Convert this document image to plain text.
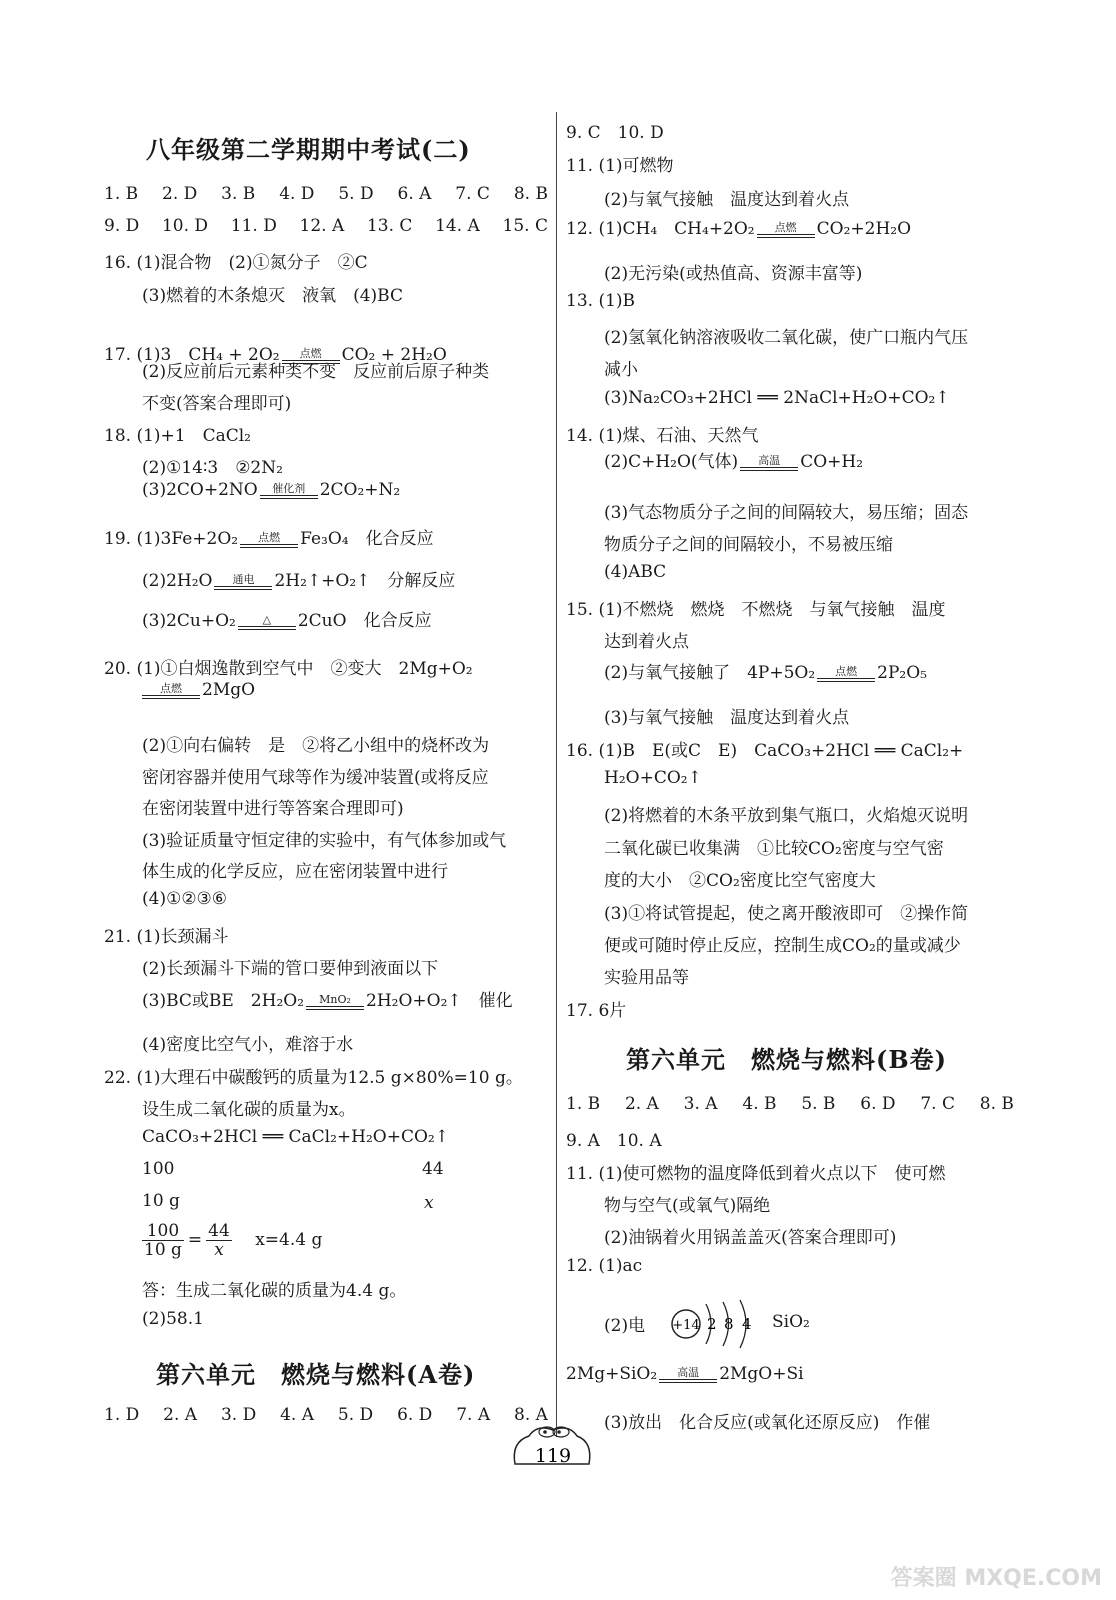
八年级第二学期期中考试(二)
1. B 2. D 3. B 4. D 5. D 6. A 7. C 8. B
9. D 10. D 11. D 12. A 13. C 14. A 15. C
16. (1)混合物　(2)①氮分子　②C
(3)燃着的木条熄灭　液氧　(4)BC
17. (1)3　CH₄ + 2O₂	点燃	CO₂ + 2H₂O
(2)反应前后元素种类不变　反应前后原子种类
不变(答案合理即可)
18. (1)+1　CaCl₂
(2)①14∶3　②2N₂
(3)2CO+2NO	催化剂 2CO₂+N₂
19. (1)3Fe+2O₂	点燃	Fe₃O₄　化合反应
(2)2H₂O	通电	2H₂↑+O₂↑　分解反应
(3)2Cu+O₂	△	2CuO　化合反应
20. (1)①白烟逸散到空气中　②变大　2Mg+O₂
点燃	2MgO
(2)①向右偏转　是　②将乙小组中的烧杯改为
密闭容器并使用气球等作为缓冲装置(或将反应
在密闭装置中进行等答案合理即可)
(3)验证质量守恒定律的实验中，有气体参加或气
体生成的化学反应，应在密闭装置中进行
(4)①②③⑥
21. (1)长颈漏斗
(2)长颈漏斗下端的管口要伸到液面以下
(3)BC或BE　2H₂O₂	MnO₂ 2H₂O+O₂↑　催化
(4)密度比空气小，难溶于水
22. (1)大理石中碳酸钙的质量为12.5 g×80%=10 g。
设生成二氧化碳的质量为x。
CaCO₃+2HCl ══ CaCl₂+H₂O+CO₂↑
100	44
10 g	x
$\frac{100}{10 g} = \frac{44}{x} x=4.4$ g
答：生成二氧化碳的质量为4.4 g。
(2)58.1
第六单元　燃烧与燃料(A卷)
1. D 2. A 3. D 4. A 5. D 6. D 7. A 8. A
9. C　10. D
11. (1)可燃物
(2)与氧气接触　温度达到着火点
12. (1)CH₄　CH₄+2O₂	点燃	CO₂+2H₂O
(2)无污染(或热值高、资源丰富等)
13. (1)B
(2)氢氧化钠溶液吸收二氧化碳，使广口瓶内气压
减小
(3)Na₂CO₃+2HCl ══ 2NaCl+H₂O+CO₂↑
14. (1)煤、石油、天然气
(2)C+H₂O(气体)	高温	CO+H₂
(3)气态物质分子之间的间隔较大，易压缩；固态
物质分子之间的间隔较小，不易被压缩
(4)ABC
15. (1)不燃烧　燃烧　不燃烧　与氧气接触　温度
达到着火点
(2)与氧气接触了　4P+5O₂	点燃	2P₂O₅
(3)与氧气接触　温度达到着火点
16. (1)B　E(或C　E)　CaCO₃+2HCl ══ CaCl₂+
H₂O+CO₂↑
(2)将燃着的木条平放到集气瓶口，火焰熄灭说明
二氧化碳已收集满　①比较CO₂密度与空气密
度的大小　②CO₂密度比空气密度大
(3)①将试管提起，使之离开酸液即可　②操作简
便或可随时停止反应，控制生成CO₂的量或减少
实验用品等
17. 6片
第六单元　燃烧与燃料(B卷)
1. B 2. A 3. A 4. B 5. B 6. D 7. C 8. B
9. A　10. A
11. (1)使可燃物的温度降低到着火点以下　使可燃
物与空气(或氧气)隔绝
(2)油锅着火用锅盖盖灭(答案合理即可)
12. (1)ac
(2)电 +14 2 8 4 SiO₂
2Mg+SiO₂	高温	2MgO+Si
(3)放出　化合反应(或氧化还原反应)　作催
119
答案圈 MXQE.COM
